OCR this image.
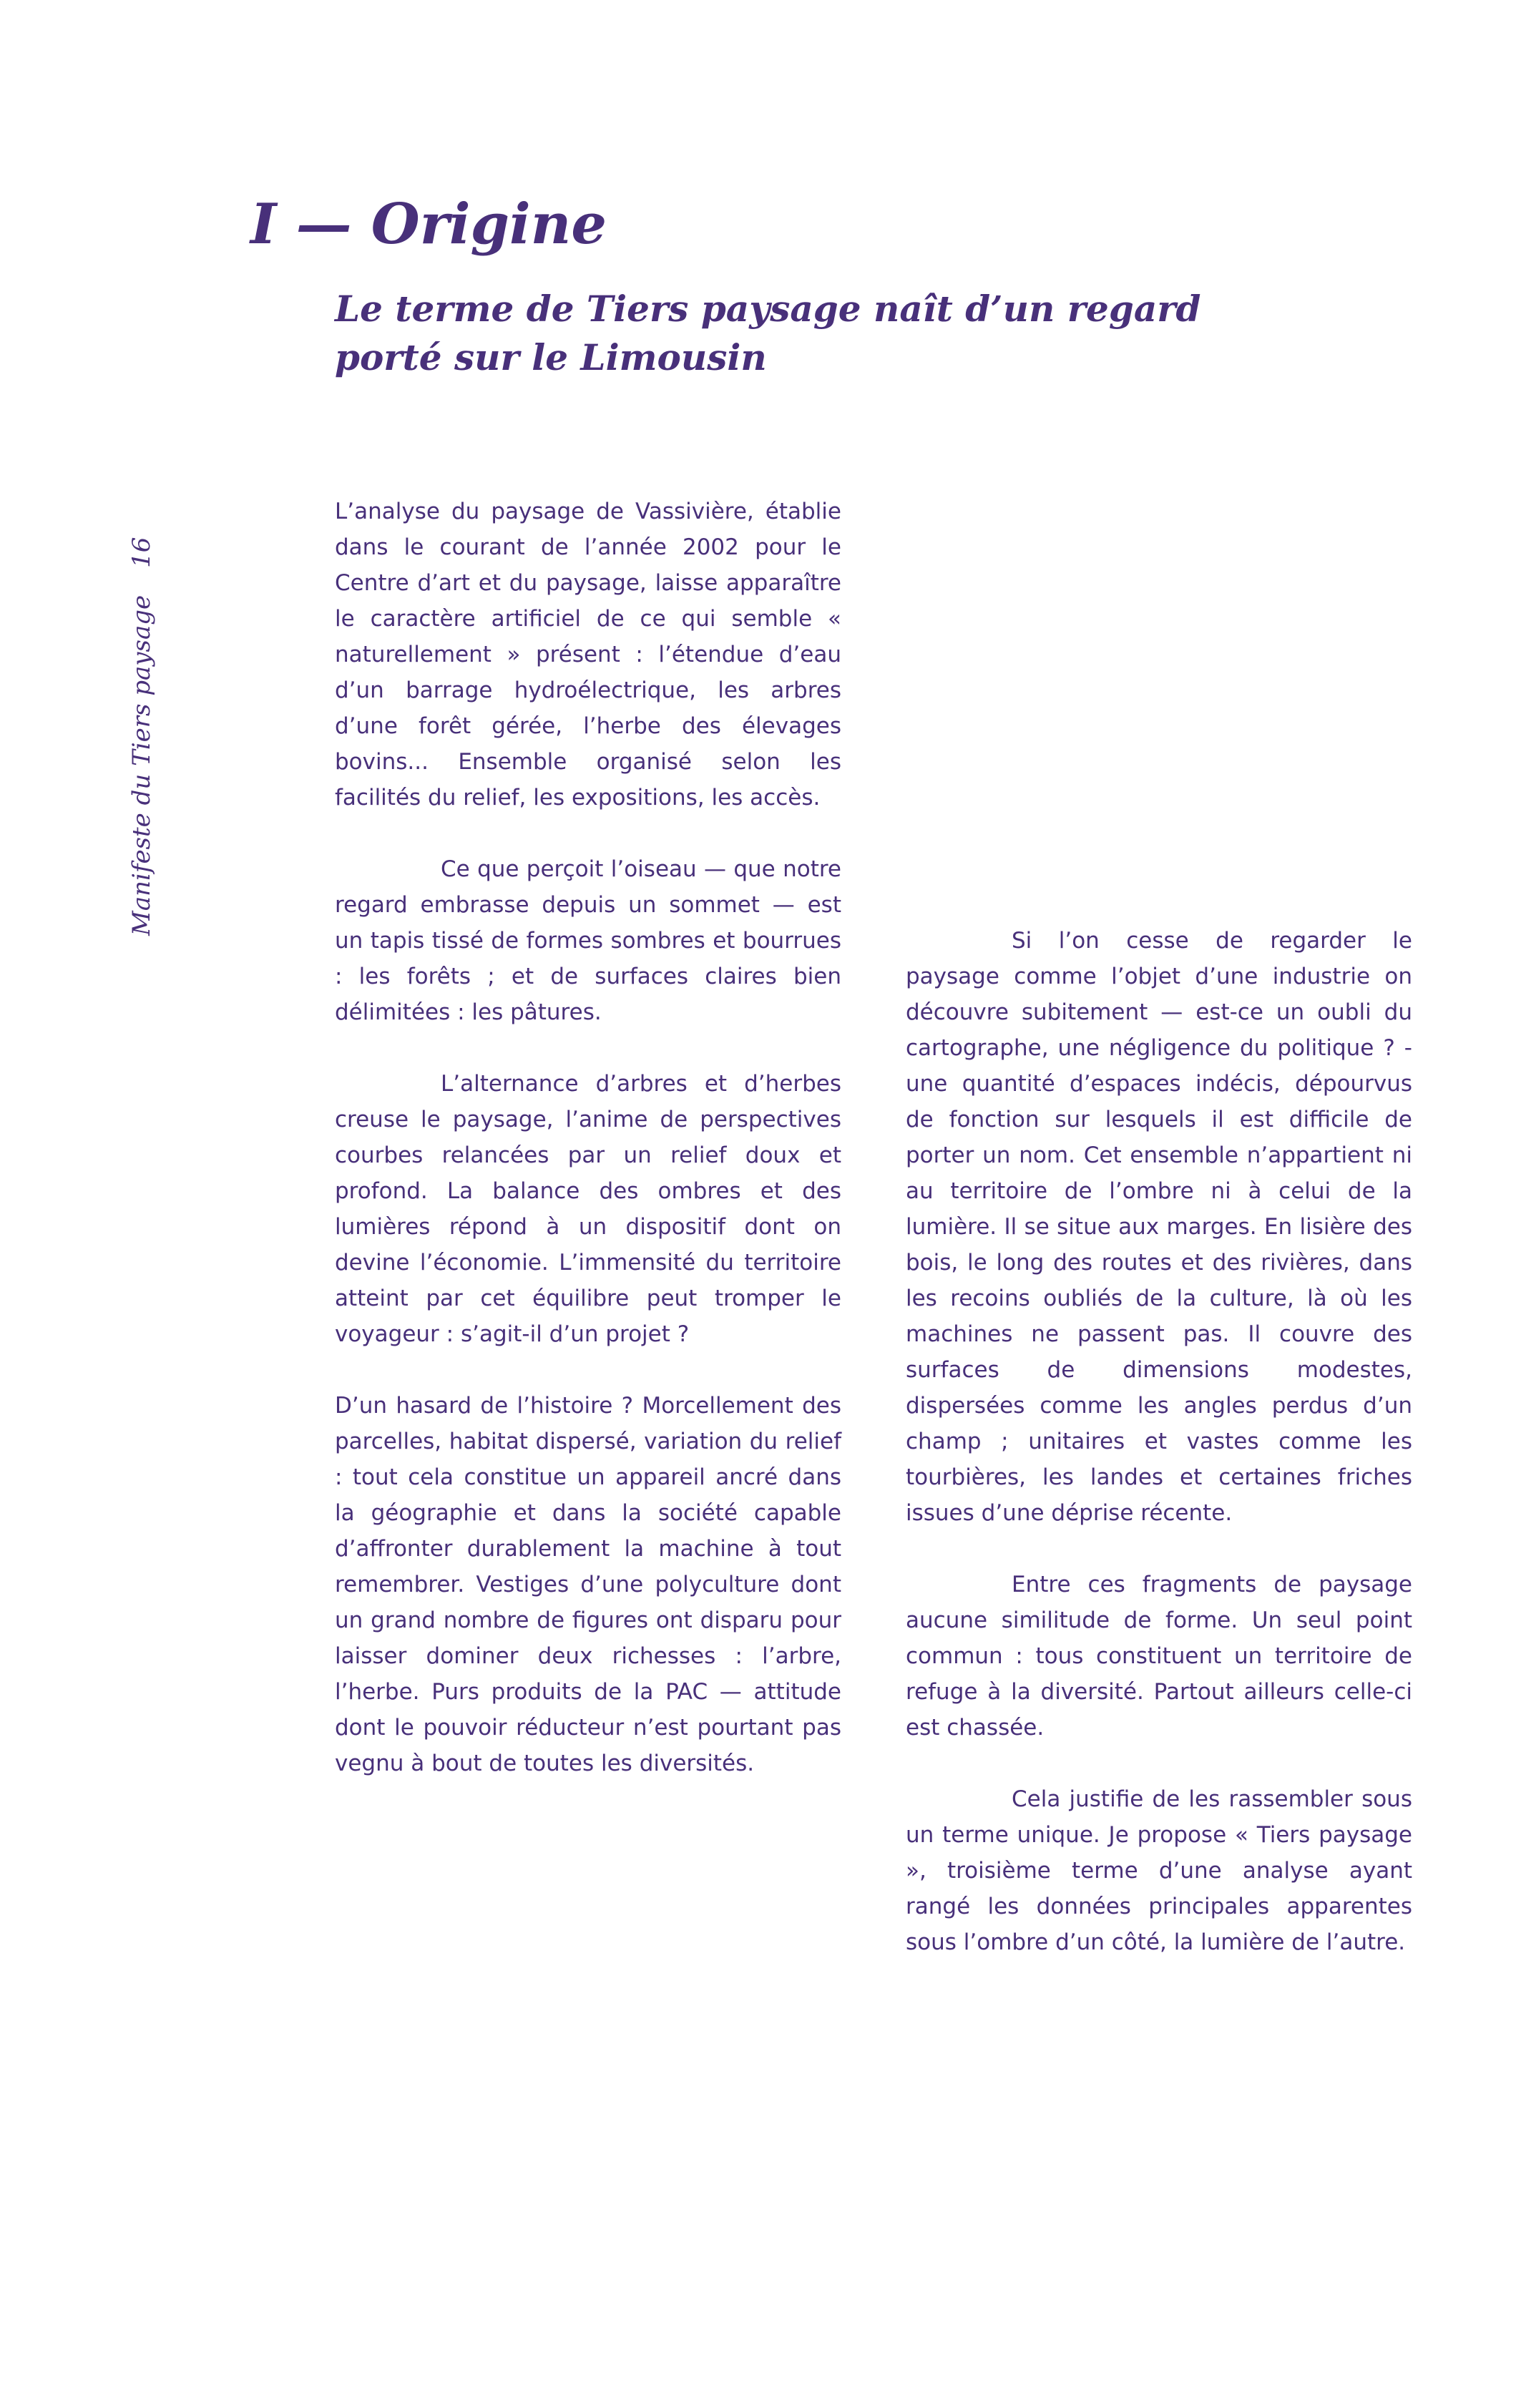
I — Origine
Le terme de Tiers paysage naît d’un regard
porté sur le Limousin
Manifeste du Tiers paysage16

L’analyse du paysage de Vassivière, établie dans le courant de l’année 2002 pour le Centre d’art et du paysage, laisse apparaître le caractère artificiel de ce qui semble « naturellement » présent : l’étendue d’eau d’un barrage hydroélectrique, les arbres d’une forêt gérée, l’herbe des élevages bovins... Ensemble organisé selon les facilités du relief, les expositions, les accès.

Ce que perçoit l’oiseau — que notre regard embrasse depuis un sommet — est un tapis tissé de formes sombres et bourrues : les forêts ; et de surfaces claires bien délimitées : les pâtures.

L’alternance d’arbres et d’herbes creuse le paysage, l’anime de perspectives courbes relancées par un relief doux et profond. La balance des ombres et des lumières répond à un dispositif dont on devine l’économie. L’immensité du territoire atteint par cet équilibre peut tromper le voyageur : s’agit-il d’un projet ?

D’un hasard de l’histoire ? Morcellement des parcelles, habitat dispersé, variation du relief : tout cela constitue un appareil ancré dans la géographie et dans la société capable d’affronter durablement la machine à tout remembrer. Vestiges d’une polyculture dont un grand nombre de figures ont disparu pour laisser dominer deux richesses : l’arbre, l’herbe. Purs produits de la PAC — attitude dont le pouvoir réducteur n’est pourtant pas vegnu à bout de toutes les diversités.

Si l’on cesse de regarder le paysage comme l’objet d’une industrie on découvre subitement — est-ce un oubli du cartographe, une négligence du politique ? - une quantité d’espaces indécis, dépourvus de fonction sur lesquels il est difficile de porter un nom. Cet ensemble n’appartient ni au territoire de l’ombre ni à celui de la lumière. Il se situe aux marges. En lisière des bois, le long des routes et des rivières, dans les recoins oubliés de la culture, là où les machines ne passent pas. Il couvre des surfaces de dimensions modestes, dispersées comme les angles perdus d’un champ ; unitaires et vastes comme les tourbières, les landes et certaines friches issues d’une déprise récente.

Entre ces fragments de paysage aucune similitude de forme. Un seul point commun : tous constituent un territoire de refuge à la diversité. Partout ailleurs celle-ci est chassée.

Cela justifie de les rassembler sous un terme unique. Je propose « Tiers paysage », troisième terme d’une analyse ayant rangé les données principales apparentes sous l’ombre d’un côté, la lumière de l’autre.
